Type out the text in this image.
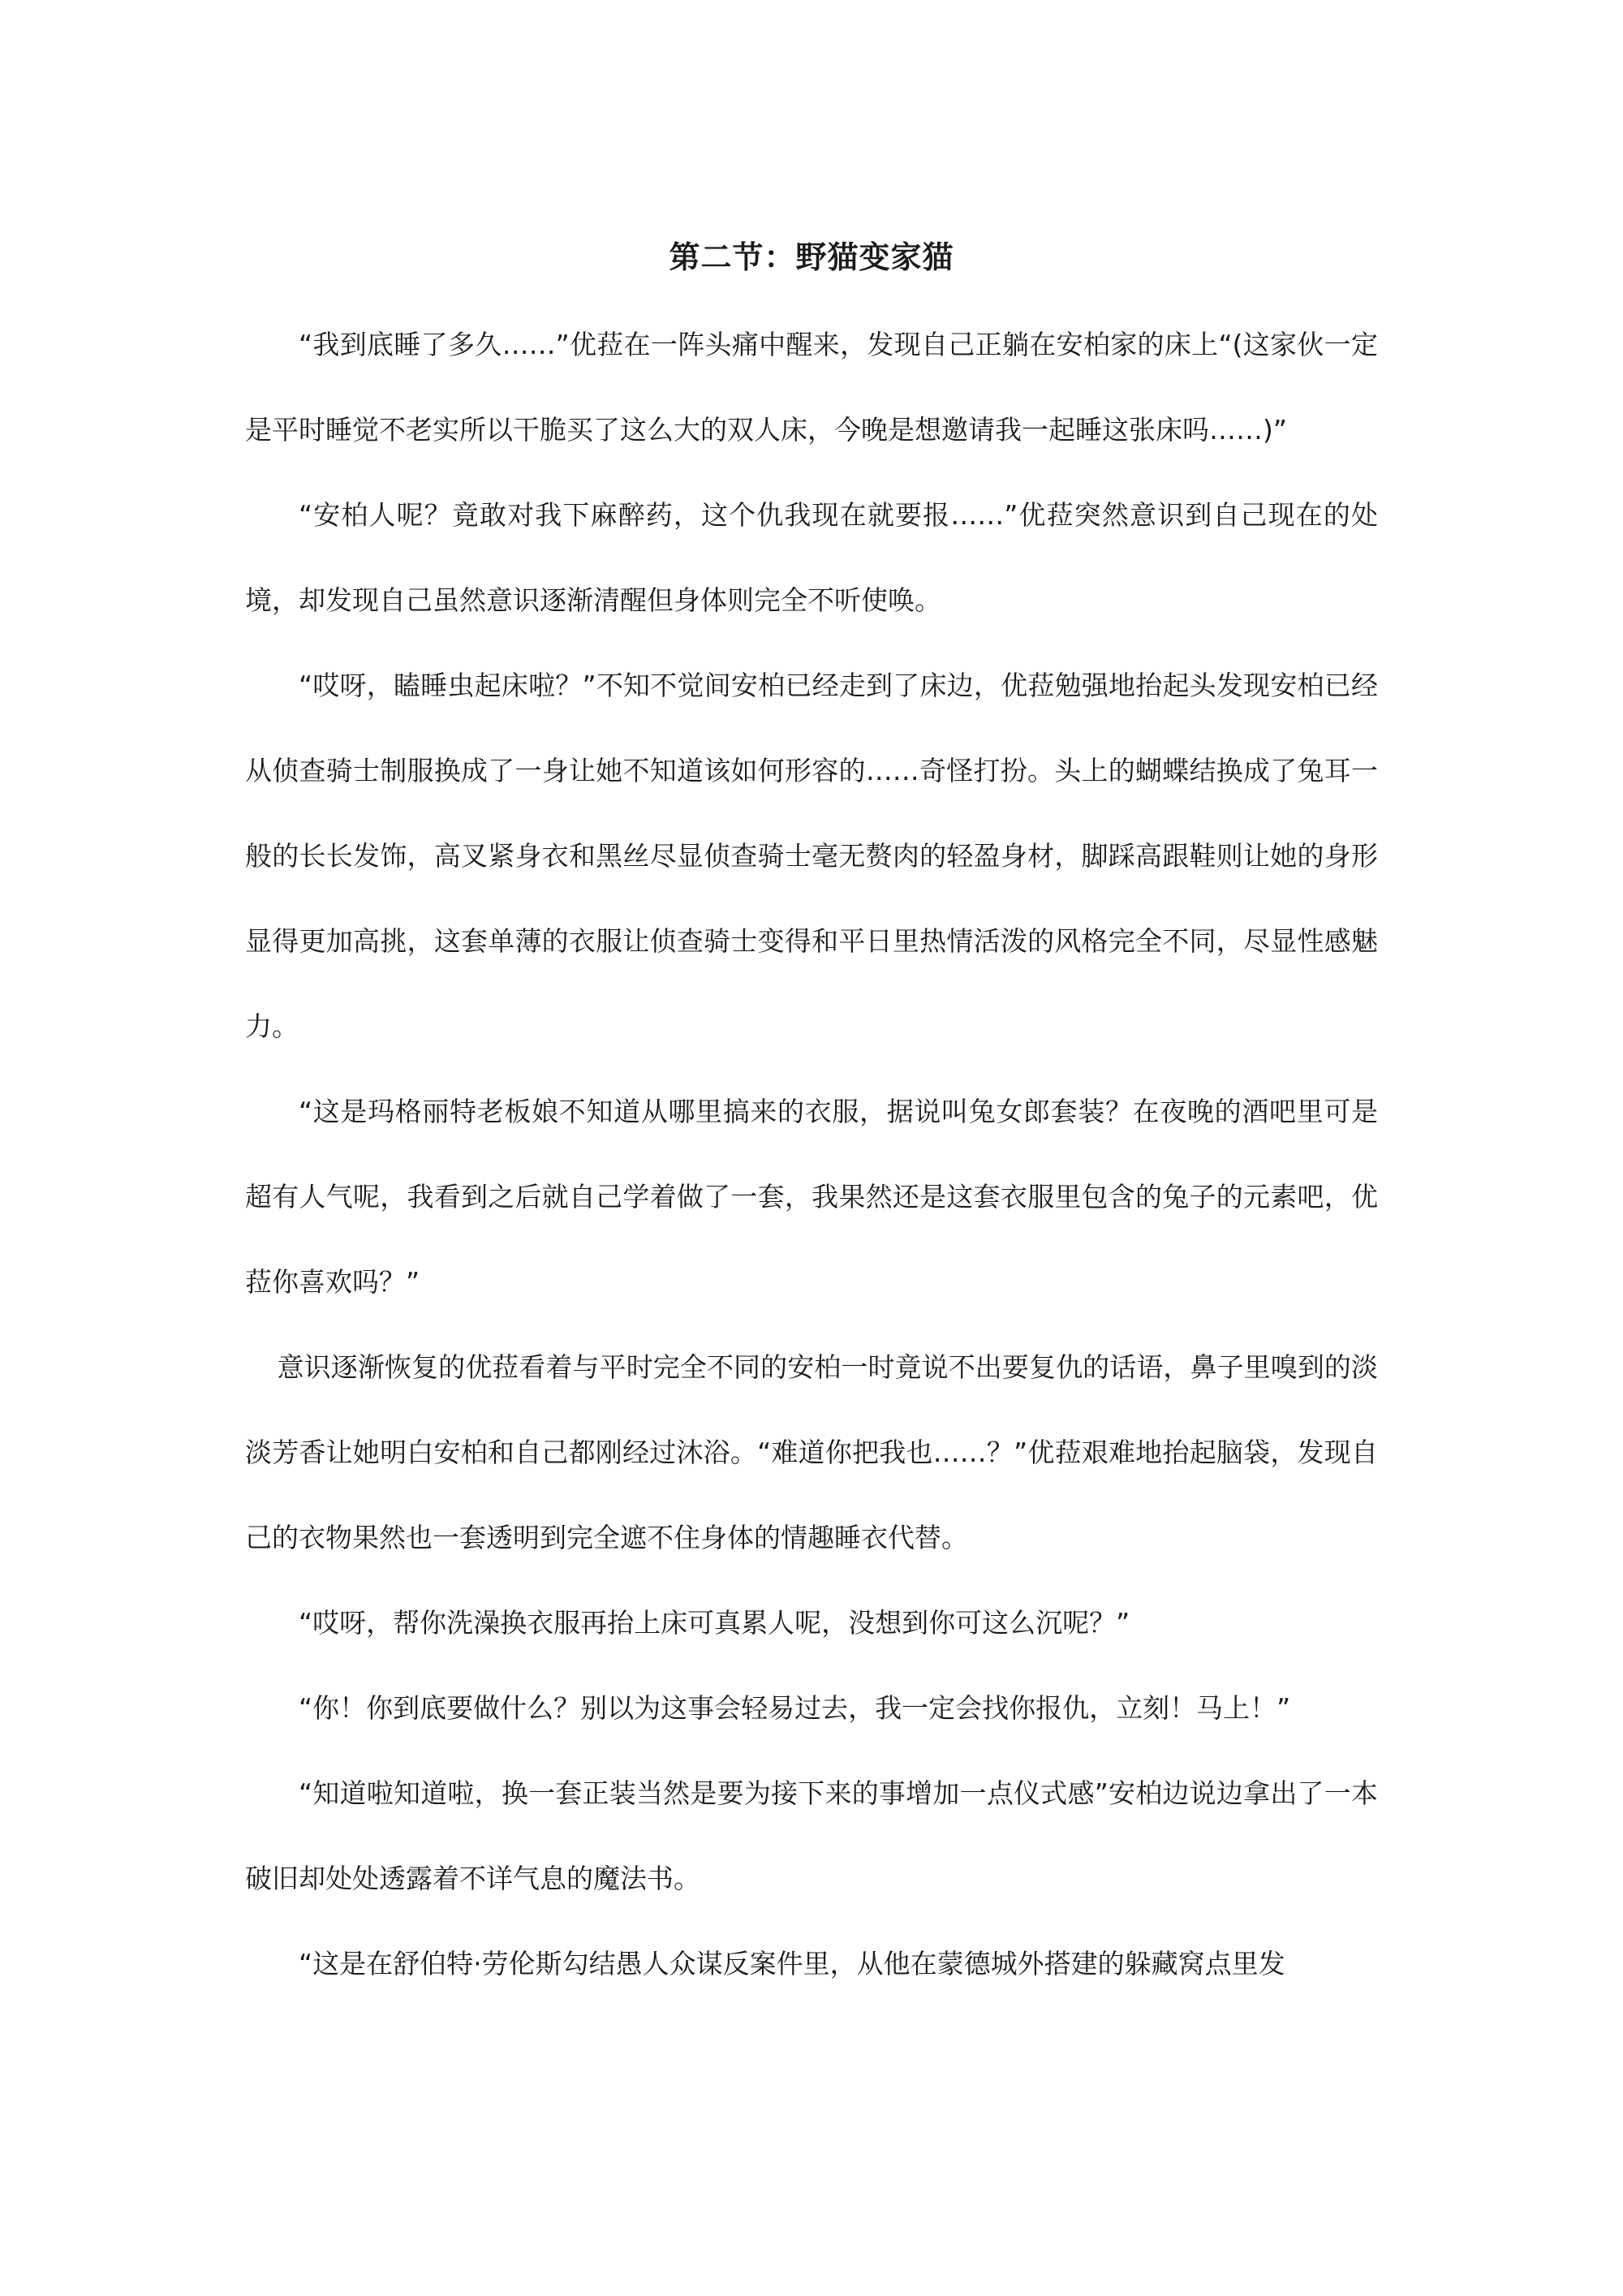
第二节：野猫变家猫

“我到底睡了多久……”优菈在一阵头痛中醒来，发现自己正躺在安柏家的床上“(这家伙一定是平时睡觉不老实所以干脆买了这么大的双人床，今晚是想邀请我一起睡这张床吗……)”

“安柏人呢？竟敢对我下麻醉药，这个仇我现在就要报……”优菈突然意识到自己现在的处境，却发现自己虽然意识逐渐清醒但身体则完全不听使唤。

“哎呀，瞌睡虫起床啦？”不知不觉间安柏已经走到了床边，优菈勉强地抬起头发现安柏已经从侦查骑士制服换成了一身让她不知道该如何形容的……奇怪打扮。头上的蝴蝶结换成了兔耳一般的长长发饰，高叉紧身衣和黑丝尽显侦查骑士毫无赘肉的轻盈身材，脚踩高跟鞋则让她的身形显得更加高挑，这套单薄的衣服让侦查骑士变得和平日里热情活泼的风格完全不同，尽显性感魅力。

“这是玛格丽特老板娘不知道从哪里搞来的衣服，据说叫兔女郎套装？在夜晚的酒吧里可是超有人气呢，我看到之后就自己学着做了一套，我果然还是这套衣服里包含的兔子的元素吧，优菈你喜欢吗？”

意识逐渐恢复的优菈看着与平时完全不同的安柏一时竟说不出要复仇的话语，鼻子里嗅到的淡淡芳香让她明白安柏和自己都刚经过沐浴。“难道你把我也……？”优菈艰难地抬起脑袋，发现自己的衣物果然也一套透明到完全遮不住身体的情趣睡衣代替。

“哎呀，帮你洗澡换衣服再抬上床可真累人呢，没想到你可这么沉呢？”

“你！你到底要做什么？别以为这事会轻易过去，我一定会找你报仇，立刻！马上！”

“知道啦知道啦，换一套正装当然是要为接下来的事增加一点仪式感”安柏边说边拿出了一本破旧却处处透露着不详气息的魔法书。

“这是在舒伯特·劳伦斯勾结愚人众谋反案件里，从他在蒙德城外搭建的躲藏窝点里发
